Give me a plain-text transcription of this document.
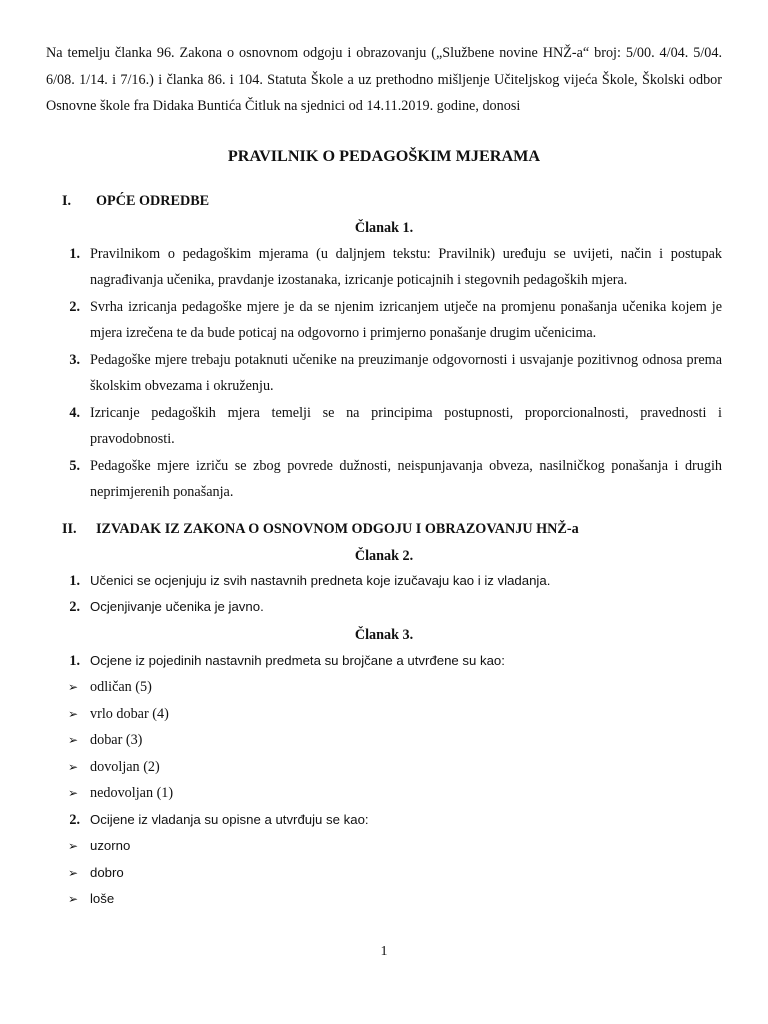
Na temelju članka 96. Zakona o osnovnom odgoju i obrazovanju („Službene novine HNŽ-a“ broj: 5/00. 4/04. 5/04. 6/08. 1/14. i 7/16.) i članka 86. i 104. Statuta Škole a uz prethodno mišljenje Učiteljskog vijeća Škole, Školski odbor Osnovne škole fra Didaka Buntića Čitluk na sjednici od 14.11.2019. godine, donosi

PRAVILNIK O PEDAGOŠKIM MJERAMA
I.	OPĆE ODREDBE
Članak 1.
1. Pravilnikom o pedagoškim mjerama (u daljnjem tekstu: Pravilnik) uređuju se uvijeti, način i postupak nagrađivanja učenika, pravdanje izostanaka, izricanje poticajnih i stegovnih pedagoških mjera.
2. Svrha izricanja pedagoške mjere je da se njenim izricanjem utječe na promjenu ponašanja učenika kojem je mjera izrečena te da bude poticaj na odgovorno i primjerno ponašanje drugim učenicima.
3. Pedagoške mjere trebaju potaknuti učenike na preuzimanje odgovornosti i usvajanje pozitivnog odnosa prema školskim obvezama i okruženju.
4. Izricanje pedagoških mjera temelji se na principima postupnosti, proporcionalnosti, pravednosti i pravodobnosti.
5. Pedagoške mjere izriču se zbog povrede dužnosti, neispunjavanja obveza, nasilničkog ponašanja i drugih neprimjerenih ponašanja.
II.	IZVADAK IZ ZAKONA O OSNOVNOM ODGOJU I OBRAZOVANJU HNŽ-a
Članak 2.
1. Učenici se ocjenjuju iz svih nastavnih predneta koje izučavaju kao i iz vladanja.
2. Ocjenjivanje učenika je javno.
Članak 3.
1. Ocjene iz pojedinih nastavnih predmeta su brojčane a utvrđene su kao:
➢ odličan (5)
➢ vrlo dobar (4)
➢ dobar (3)
➢ dovoljan (2)
➢ nedovoljan (1)
2. Ocijene iz vladanja su opisne a utvrđuju se kao:
➢ uzorno
➢ dobro
➢ loše
1
